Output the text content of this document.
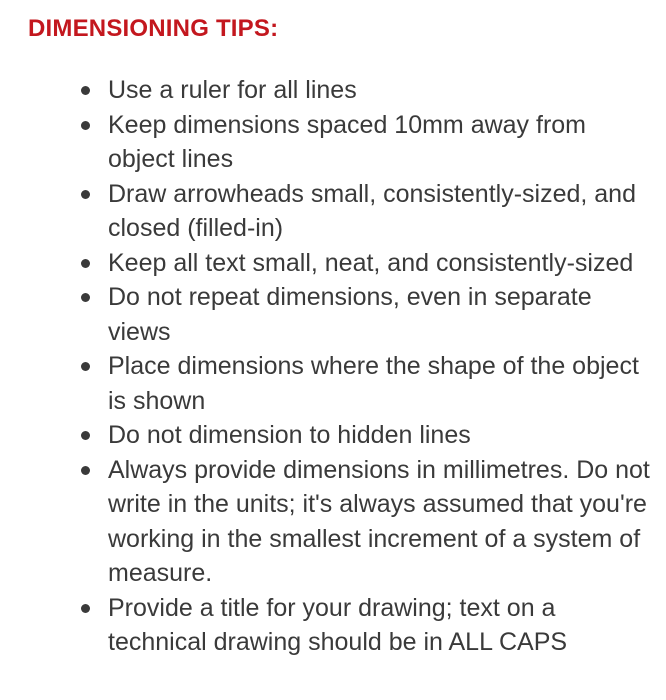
DIMENSIONING TIPS:
Use a ruler for all lines
Keep dimensions spaced 10mm away from object lines
Draw arrowheads small, consistently-sized, and closed (filled-in)
Keep all text small, neat, and consistently-sized
Do not repeat dimensions, even in separate views
Place dimensions where the shape of the object is shown
Do not dimension to hidden lines
Always provide dimensions in millimetres. Do not write in the units; it's always assumed that you're working in the smallest increment of a system of measure.
Provide a title for your drawing; text on a technical drawing should be in ALL CAPS
